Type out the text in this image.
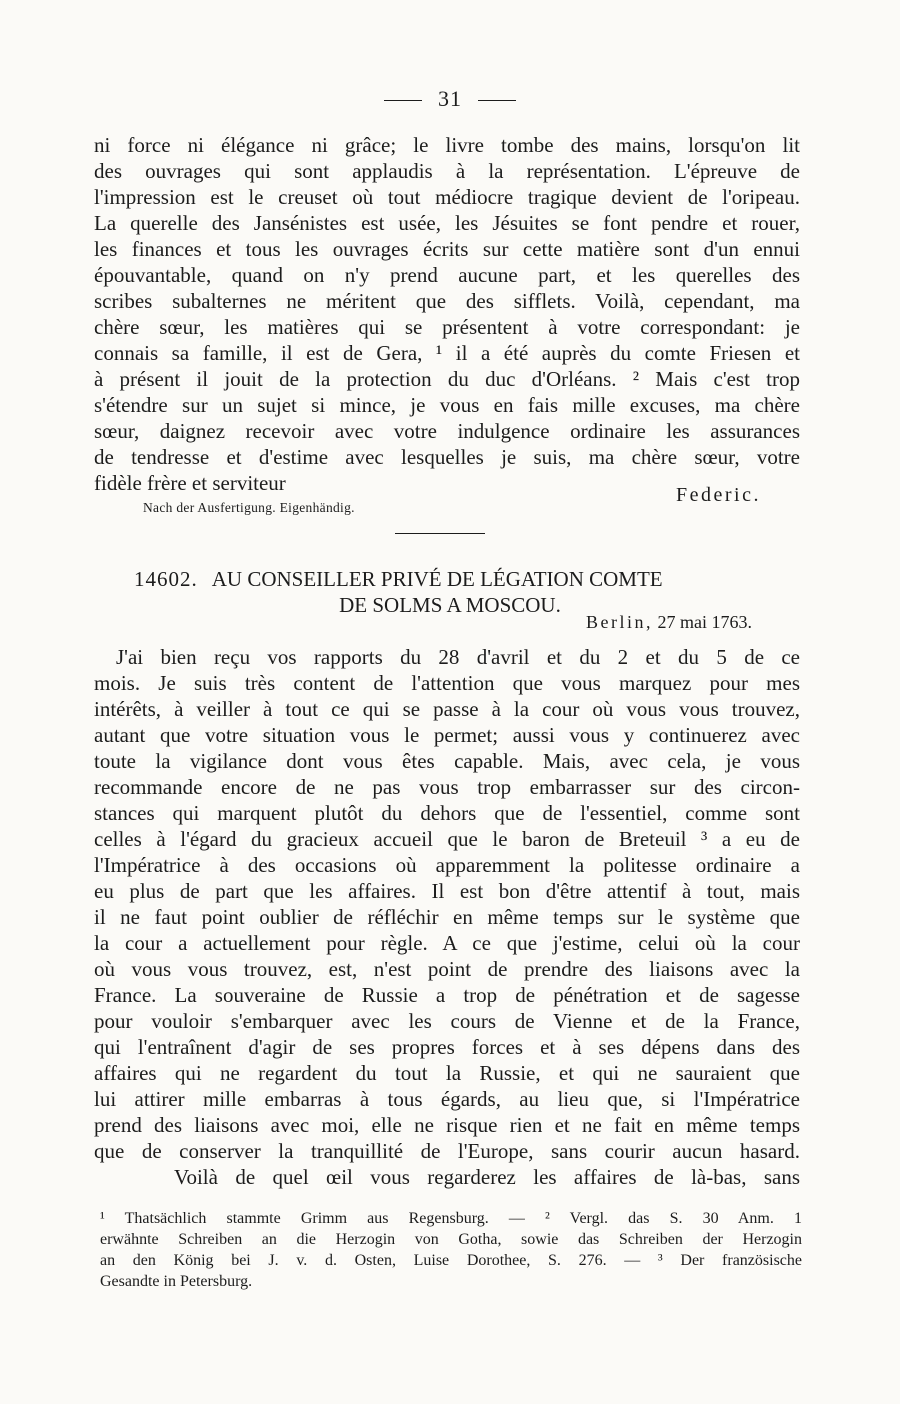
31
ni force ni élégance ni grâce; le livre tombe des mains, lorsqu'on lit
des ouvrages qui sont applaudis à la représentation. L'épreuve de
l'impression est le creuset où tout médiocre tragique devient de l'oripeau.
La querelle des Jansénistes est usée, les Jésuites se font pendre et rouer,
les finances et tous les ouvrages écrits sur cette matière sont d'un ennui
épouvantable, quand on n'y prend aucune part, et les querelles des
scribes subalternes ne méritent que des sifflets. Voilà, cependant, ma
chère sœur, les matières qui se présentent à votre correspondant: je
connais sa famille, il est de Gera, ¹ il a été auprès du comte Friesen et
à présent il jouit de la protection du duc d'Orléans. ² Mais c'est trop
s'étendre sur un sujet si mince, je vous en fais mille excuses, ma chère
sœur, daignez recevoir avec votre indulgence ordinaire les assurances
de tendresse et d'estime avec lesquelles je suis, ma chère sœur, votre
fidèle frère et serviteur	Federic.
Nach der Ausfertigung. Eigenhändig.
14602. AU CONSEILLER PRIVÉ DE LÉGATION COMTE
DE SOLMS A MOSCOU.
Berlin, 27 mai 1763.
J'ai bien reçu vos rapports du 28 d'avril et du 2 et du 5 de ce
mois. Je suis très content de l'attention que vous marquez pour mes
intérêts, à veiller à tout ce qui se passe à la cour où vous vous trouvez,
autant que votre situation vous le permet; aussi vous y continuerez avec
toute la vigilance dont vous êtes capable. Mais, avec cela, je vous
recommande encore de ne pas vous trop embarrasser sur des circon-
stances qui marquent plutôt du dehors que de l'essentiel, comme sont
celles à l'égard du gracieux accueil que le baron de Breteuil ³ a eu de
l'Impératrice à des occasions où apparemment la politesse ordinaire a
eu plus de part que les affaires. Il est bon d'être attentif à tout, mais
il ne faut point oublier de réfléchir en même temps sur le système que
la cour a actuellement pour règle. A ce que j'estime, celui où la cour
où vous vous trouvez, est, n'est point de prendre des liaisons avec la
France. La souveraine de Russie a trop de pénétration et de sagesse
pour vouloir s'embarquer avec les cours de Vienne et de la France,
qui l'entraînent d'agir de ses propres forces et à ses dépens dans des
affaires qui ne regardent du tout la Russie, et qui ne sauraient que
lui attirer mille embarras à tous égards, au lieu que, si l'Impératrice
prend des liaisons avec moi, elle ne risque rien et ne fait en même temps
que de conserver la tranquillité de l'Europe, sans courir aucun hasard.
Voilà de quel œil vous regarderez les affaires de là-bas, sans
¹ Thatsächlich stammte Grimm aus Regensburg. — ² Vergl. das S. 30 Anm. 1
erwähnte Schreiben an die Herzogin von Gotha, sowie das Schreiben der Herzogin
an den König bei J. v. d. Osten, Luise Dorothee, S. 276. — ³ Der französische
Gesandte in Petersburg.
